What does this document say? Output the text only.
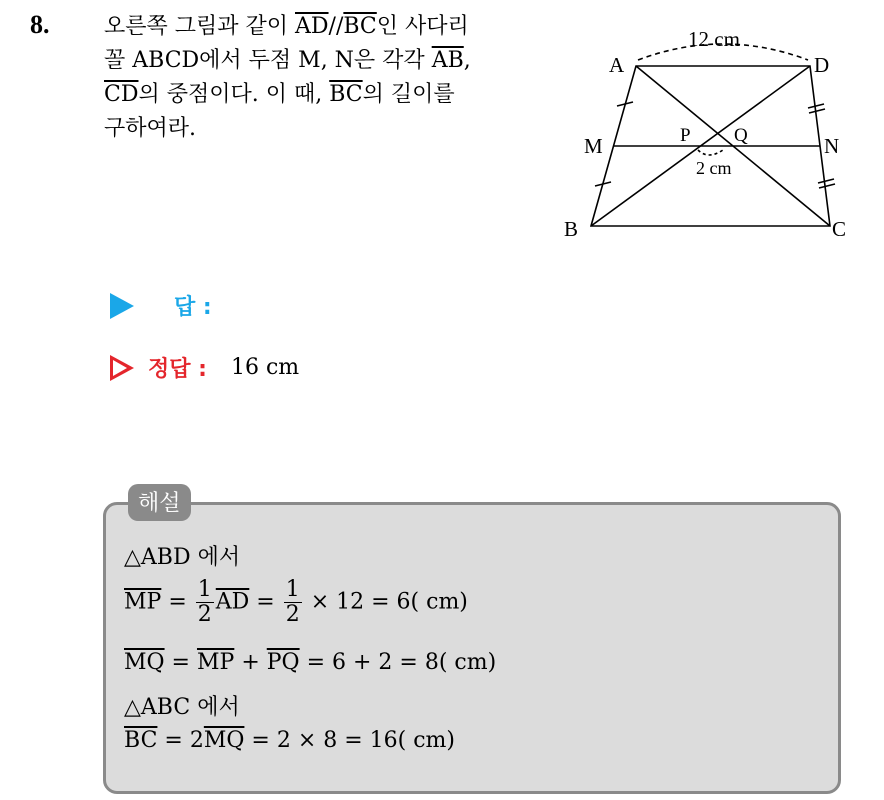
8. 오른쪽 그림과 같이 $\overline{AD}//\overline{BC}$인 사다리
꼴 ABCD에서 두점 M, N은 각각 $\overline{AB}$,
$\overline{CD}$의 중점이다. 이 때, $\overline{BC}$의 길이를
구하여라.
A	D
M	N
B	C
P Q
12 cm
2 cm
답 :
정답 : 16 cm
해설
△ABD 에서
$\overline{MP} = \frac{1}{2} \overline{AD} = \frac{1}{2} \times 12 = 6$( cm)
$\overline{MQ} = \overline{MP} + \overline{PQ} = 6 + 2 = 8$( cm)
△ABC 에서
$\overline{BC} = 2\overline{MQ} = 2 \times 8 = 16$( cm)
